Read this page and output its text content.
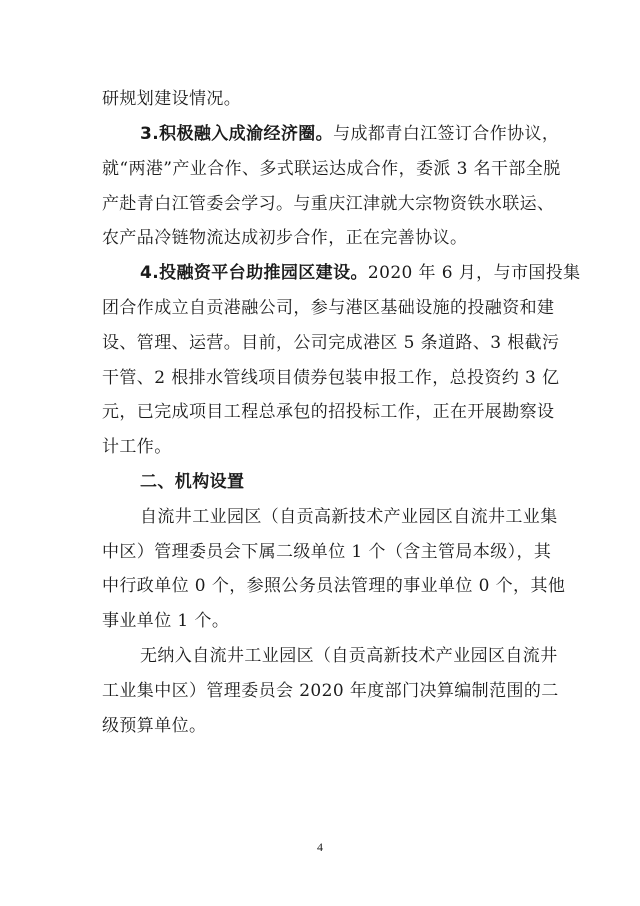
研规划建设情况。
3.积极融入成渝经济圈。与成都青白江签订合作协议，
就“两港”产业合作、多式联运达成合作，委派 3 名干部全脱
产赴青白江管委会学习。与重庆江津就大宗物资铁水联运、
农产品冷链物流达成初步合作，正在完善协议。
4.投融资平台助推园区建设。2020 年 6 月，与市国投集
团合作成立自贡港融公司，参与港区基础设施的投融资和建
设、管理、运营。目前，公司完成港区 5 条道路、3 根截污
干管、2 根排水管线项目债券包装申报工作，总投资约 3 亿
元，已完成项目工程总承包的招投标工作，正在开展勘察设
计工作。
二、机构设置
自流井工业园区（自贡高新技术产业园区自流井工业集
中区）管理委员会下属二级单位 1 个（含主管局本级），其
中行政单位 0 个，参照公务员法管理的事业单位 0 个，其他
事业单位 1 个。
无纳入自流井工业园区（自贡高新技术产业园区自流井
工业集中区）管理委员会 2020 年度部门决算编制范围的二
级预算单位。
4
